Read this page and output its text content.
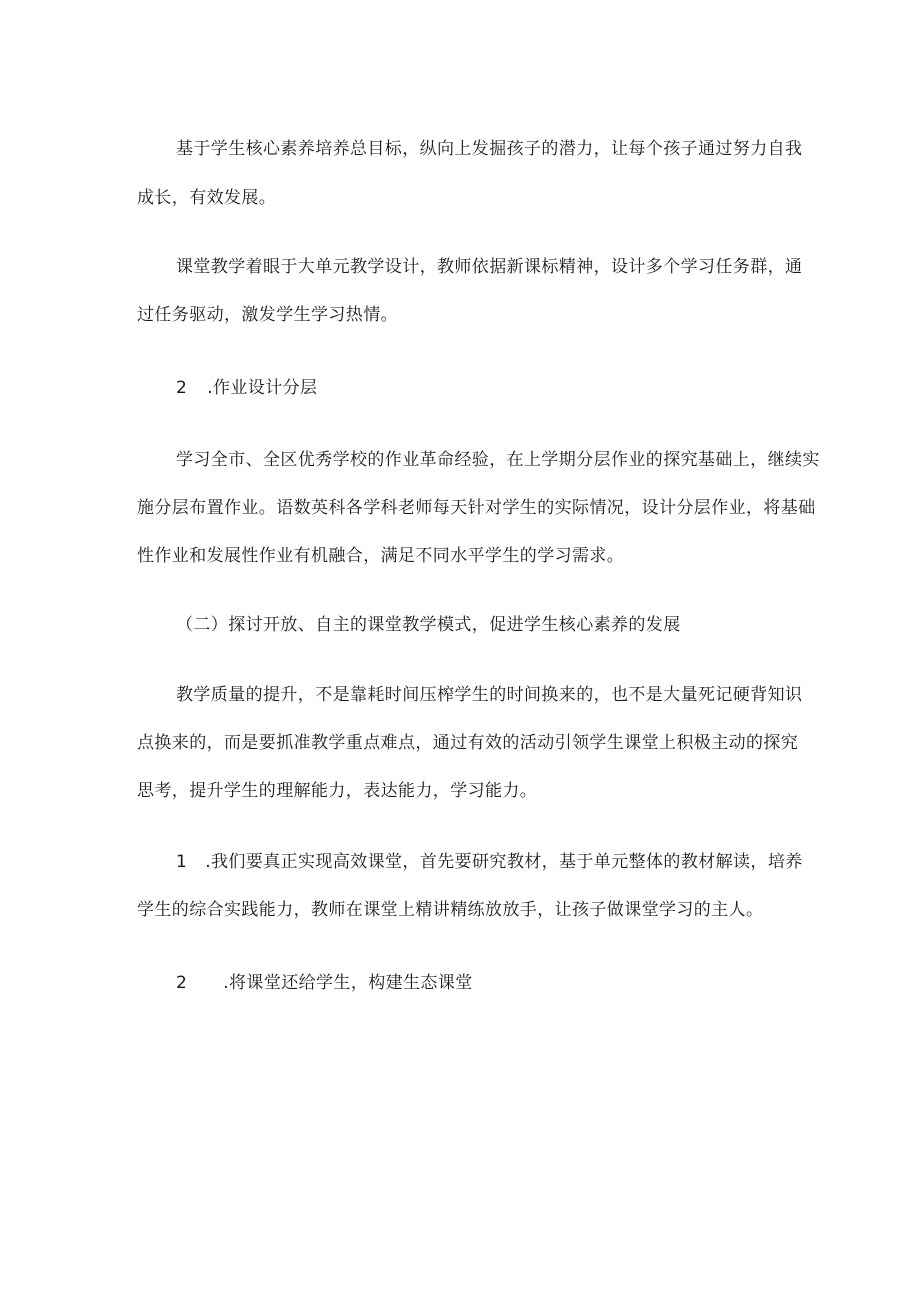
基于学生核心素养培养总目标，纵向上发掘孩子的潜力，让每个孩子通过努力自我
成长，有效发展。
课堂教学着眼于大单元教学设计，教师依据新课标精神，设计多个学习任务群，通
过任务驱动，激发学生学习热情。
2 .作业设计分层
学习全市、全区优秀学校的作业革命经验，在上学期分层作业的探究基础上，继续实
施分层布置作业。语数英科各学科老师每天针对学生的实际情况，设计分层作业，将基础
性作业和发展性作业有机融合，满足不同水平学生的学习需求。
（二）探讨开放、自主的课堂教学模式，促进学生核心素养的发展
教学质量的提升，不是靠耗时间压榨学生的时间换来的，也不是大量死记硬背知识
点换来的，而是要抓准教学重点难点，通过有效的活动引领学生课堂上积极主动的探究
思考，提升学生的理解能力，表达能力，学习能力。
1 .我们要真正实现高效课堂，首先要研究教材，基于单元整体的教材解读，培养
学生的综合实践能力，教师在课堂上精讲精练放放手，让孩子做课堂学习的主人。
2 .将课堂还给学生，构建生态课堂
